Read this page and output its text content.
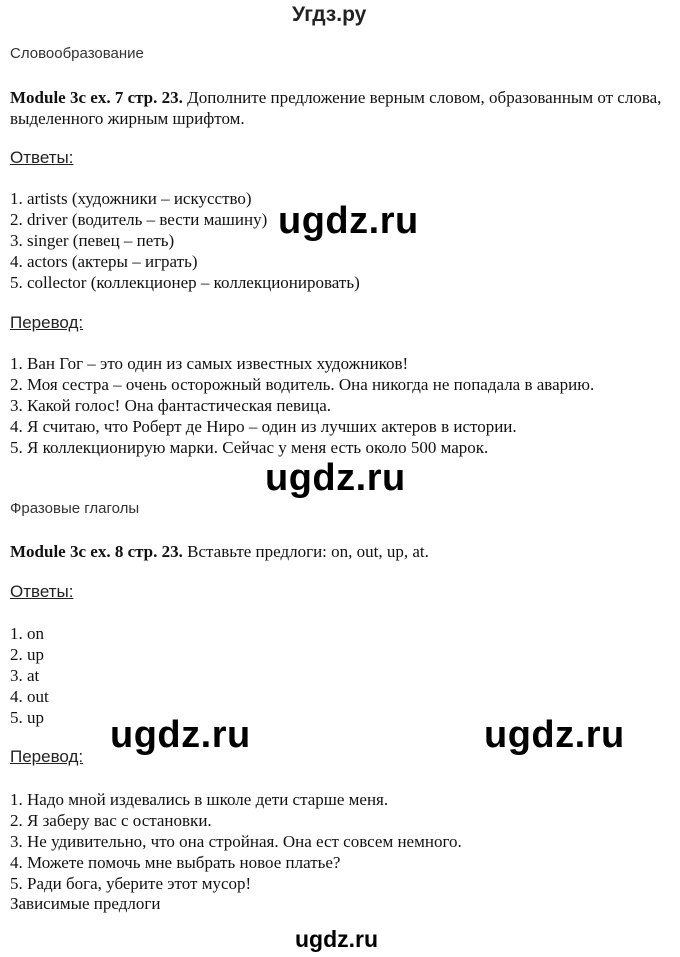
Угдз.ру
Словообразование
Module 3c ex. 7 стр. 23. Дополните предложение верным словом, образованным от слова, выделенного жирным шрифтом.
Ответы:
1. artists (художники – искусство)
2. driver (водитель – вести машину)
3. singer (певец – петь)
4. actors (актеры – играть)
5. collector (коллекционер – коллекционировать)
Перевод:
1. Ван Гог – это один из самых известных художников!
2. Моя сестра – очень осторожный водитель. Она никогда не попадала в аварию.
3. Какой голос! Она фантастическая певица.
4. Я считаю, что Роберт де Ниро – один из лучших актеров в истории.
5. Я коллекционирую марки. Сейчас у меня есть около 500 марок.
Фразовые глаголы
Module 3c ex. 8 стр. 23. Вставьте предлоги: on, out, up, at.
Ответы:
1. on
2. up
3. at
4. out
5. up
Перевод:
1. Надо мной издевались в школе дети старше меня.
2. Я заберу вас с остановки.
3. Не удивительно, что она стройная. Она ест совсем немного.
4. Можете помочь мне выбрать новое платье?
5. Ради бога, уберите этот мусор!
Зависимые предлоги
ugdz.ru
ugdz.ru
ugdz.ru	ugdz.ru
ugdz.ru
